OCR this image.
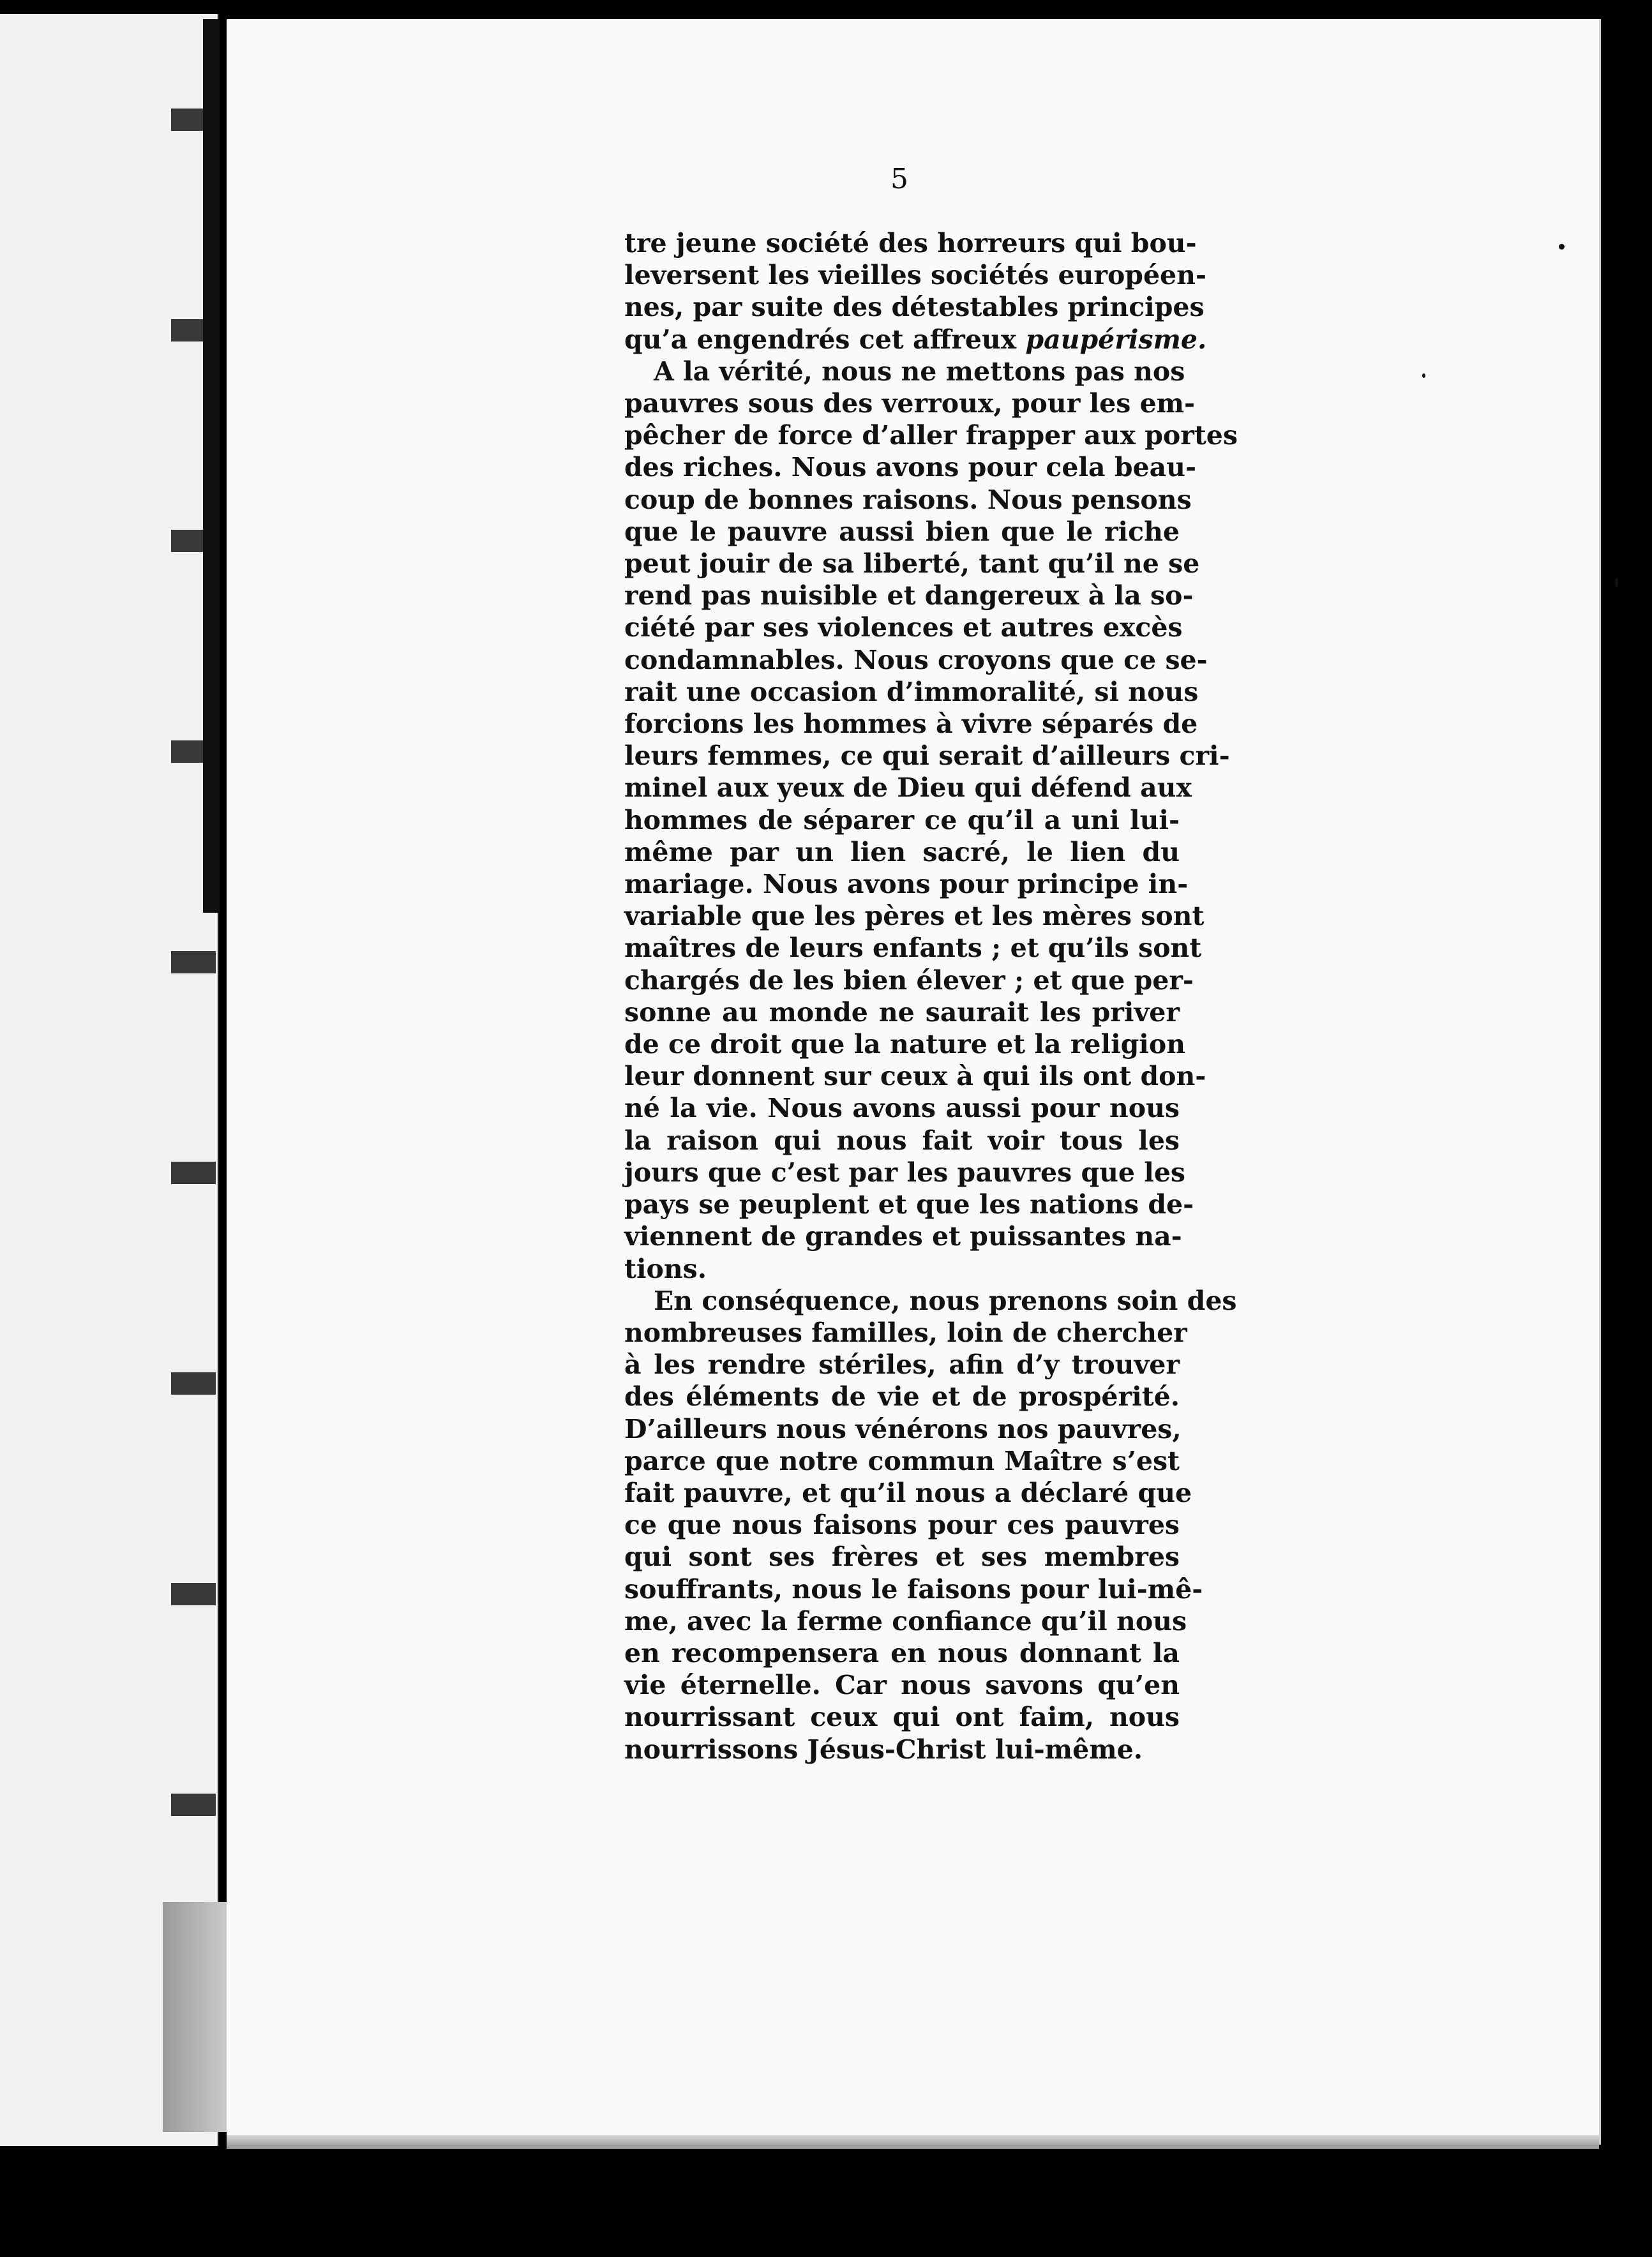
5

tre jeune société des horreurs qui bou-
leversent les vieilles sociétés européen-
nes, par suite des détestables principes
qu’a engendrés cet affreux paupérisme.
A la vérité, nous ne mettons pas nos
pauvres sous des verroux, pour les em-
pêcher de force d’aller frapper aux portes
des riches. Nous avons pour cela beau-
coup de bonnes raisons. Nous pensons
que le pauvre aussi bien que le riche
peut jouir de sa liberté, tant qu’il ne se
rend pas nuisible et dangereux à la so-
ciété par ses violences et autres excès
condamnables. Nous croyons que ce se-
rait une occasion d’immoralité, si nous
forcions les hommes à vivre séparés de
leurs femmes, ce qui serait d’ailleurs cri-
minel aux yeux de Dieu qui défend aux
hommes de séparer ce qu’il a uni lui-
même par un lien sacré, le lien du
mariage. Nous avons pour principe in-
variable que les pères et les mères sont
maîtres de leurs enfants ; et qu’ils sont
chargés de les bien élever ; et que per-
sonne au monde ne saurait les priver
de ce droit que la nature et la religion
leur donnent sur ceux à qui ils ont don-
né la vie. Nous avons aussi pour nous
la raison qui nous fait voir tous les
jours que c’est par les pauvres que les
pays se peuplent et que les nations de-
viennent de grandes et puissantes na-
tions.
En conséquence, nous prenons soin des
nombreuses familles, loin de chercher
à les rendre stériles, afin d’y trouver
des éléments de vie et de prospérité.
D’ailleurs nous vénérons nos pauvres,
parce que notre commun Maître s’est
fait pauvre, et qu’il nous a déclaré que
ce que nous faisons pour ces pauvres
qui sont ses frères et ses membres
souffrants, nous le faisons pour lui-mê-
me, avec la ferme confiance qu’il nous
en recompensera en nous donnant la
vie éternelle. Car nous savons qu’en
nourrissant ceux qui ont faim, nous
nourrissons Jésus-Christ lui-même.
